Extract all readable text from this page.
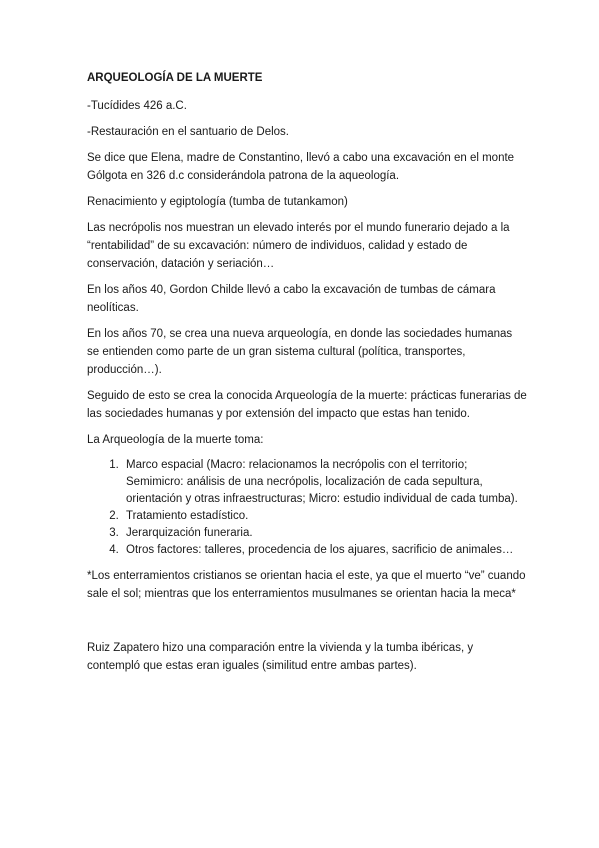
ARQUEOLOGÍA DE LA MUERTE

-Tucídides 426 a.C.

-Restauración en el santuario de Delos.

Se dice que Elena, madre de Constantino, llevó a cabo una excavación en el monte Gólgota en 326 d.c considerándola patrona de la aqueología.

Renacimiento y egiptología (tumba de tutankamon)

Las necrópolis nos muestran un elevado interés por el mundo funerario dejado a la “rentabilidad” de su excavación: número de individuos, calidad y estado de conservación, datación y seriación…

En los años 40, Gordon Childe llevó a cabo la excavación de tumbas de cámara neolíticas.

En los años 70, se crea una nueva arqueología, en donde las sociedades humanas se entienden como parte de un gran sistema cultural (política, transportes, producción…).

Seguido de esto se crea la conocida Arqueología de la muerte: prácticas funerarias de las sociedades humanas y por extensión del impacto que estas han tenido.

La Arqueología de la muerte toma:

1. Marco espacial (Macro: relacionamos la necrópolis con el territorio; Semimicro: análisis de una necrópolis, localización de cada sepultura, orientación y otras infraestructuras; Micro: estudio individual de cada tumba).
2. Tratamiento estadístico.
3. Jerarquización funeraria.
4. Otros factores: talleres, procedencia de los ajuares, sacrificio de animales…

*Los enterramientos cristianos se orientan hacia el este, ya que el muerto “ve” cuando sale el sol; mientras que los enterramientos musulmanes se orientan hacia la meca*

Ruiz Zapatero hizo una comparación entre la vivienda y la tumba ibéricas, y contempló que estas eran iguales (similitud entre ambas partes).
